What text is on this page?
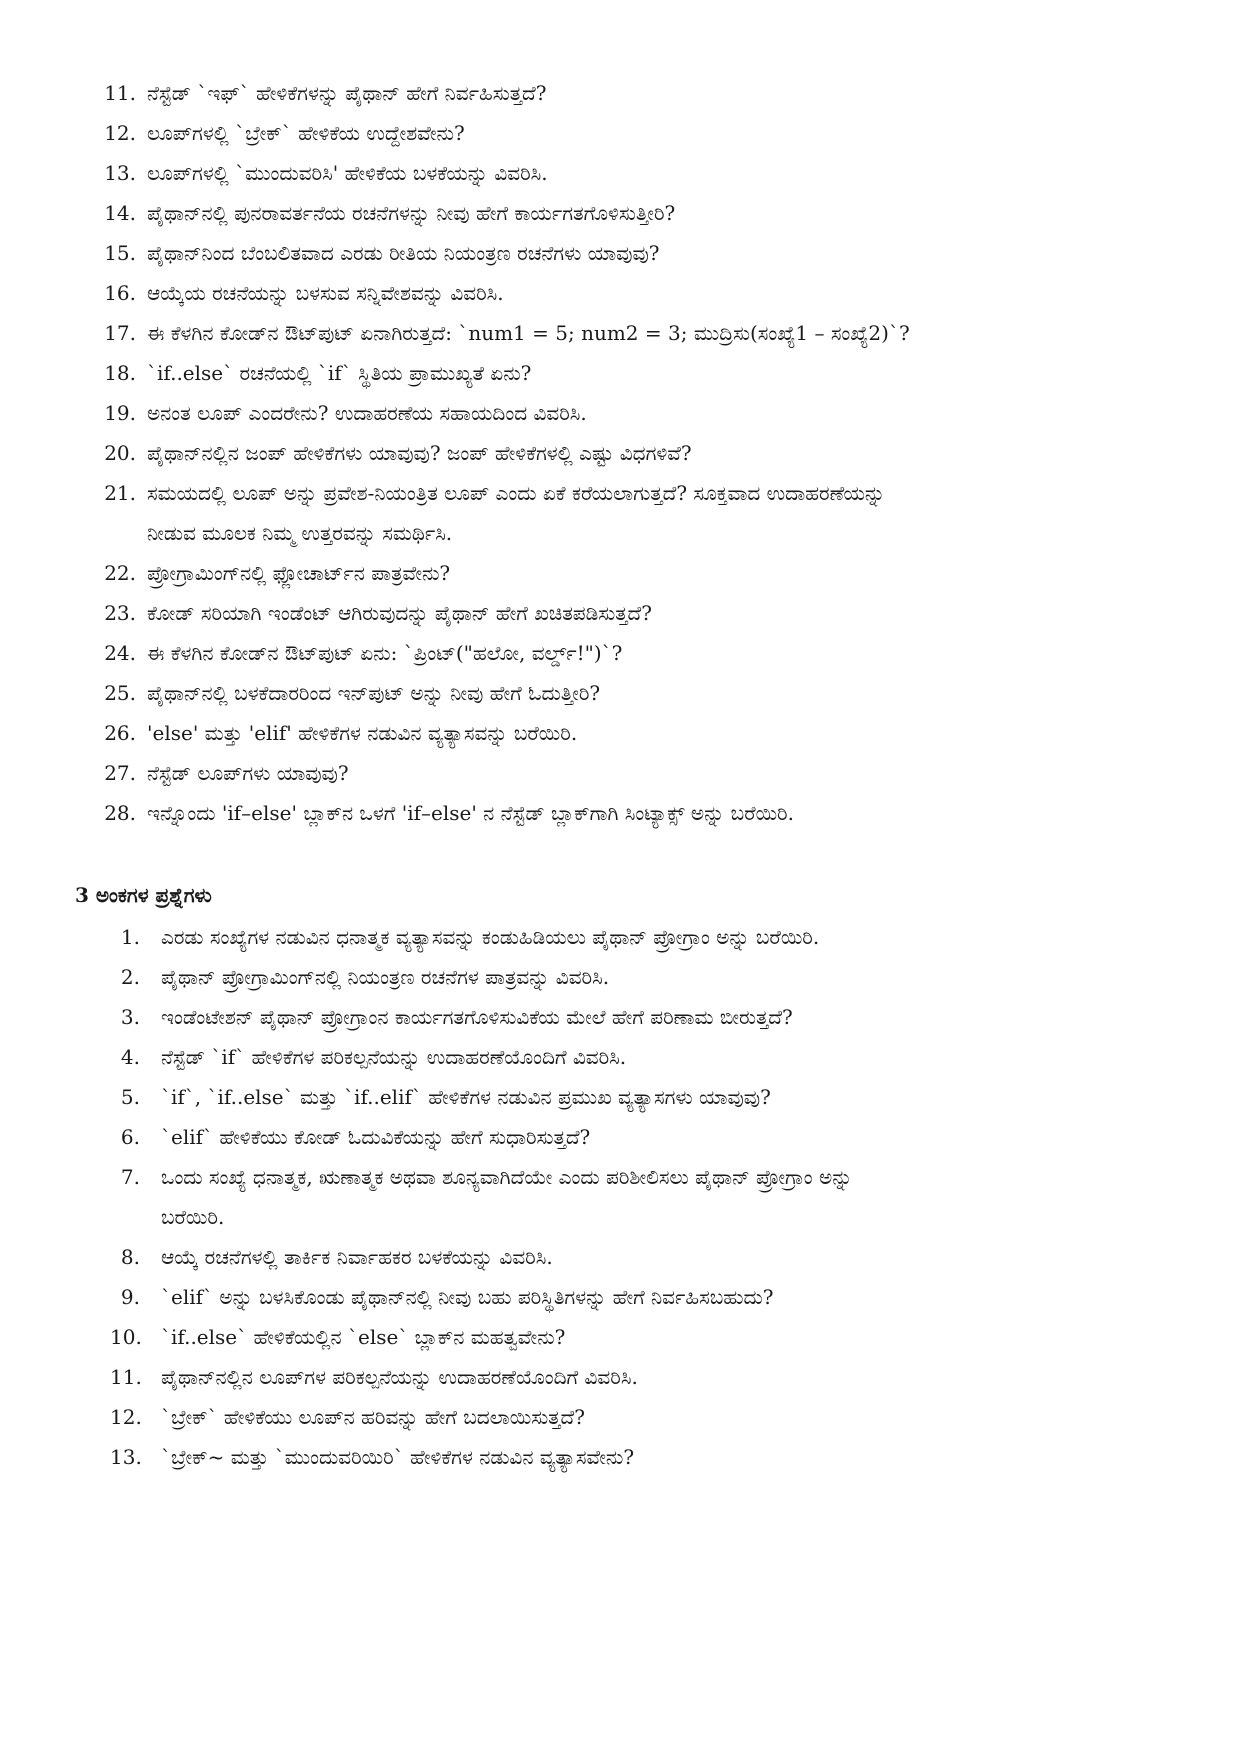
11. ನೆಸ್ಟೆಡ್ `ಇಫ್` ಹೇಳಿಕೆಗಳನ್ನು ಪೈಥಾನ್ ಹೇಗೆ ನಿರ್ವಹಿಸುತ್ತದೆ?
12. ಲೂಪ್‌ಗಳಲ್ಲಿ `ಬ್ರೇಕ್` ಹೇಳಿಕೆಯ ಉದ್ದೇಶವೇನು?
13. ಲೂಪ್‌ಗಳಲ್ಲಿ `ಮುಂದುವರಿಸಿ' ಹೇಳಿಕೆಯ ಬಳಕೆಯನ್ನು ವಿವರಿಸಿ.
14. ಪೈಥಾನ್‌ನಲ್ಲಿ ಪುನರಾವರ್ತನೆಯ ರಚನೆಗಳನ್ನು ನೀವು ಹೇಗೆ ಕಾರ್ಯಗತಗೊಳಿಸುತ್ತೀರಿ?
15. ಪೈಥಾನ್‌ನಿಂದ ಬೆಂಬಲಿತವಾದ ಎರಡು ರೀತಿಯ ನಿಯಂತ್ರಣ ರಚನೆಗಳು ಯಾವುವು?
16. ಆಯ್ಕೆಯ ರಚನೆಯನ್ನು ಬಳಸುವ ಸನ್ನಿವೇಶವನ್ನು ವಿವರಿಸಿ.
17. ಈ ಕೆಳಗಿನ ಕೋಡ್‌ನ ಔಟ್‌ಪುಟ್ ಏನಾಗಿರುತ್ತದೆ: `num1 = 5; num2 = 3; ಮುದ್ರಿಸು(ಸಂಖ್ಯೆ1 – ಸಂಖ್ಯೆ2)`?
18. `if..else` ರಚನೆಯಲ್ಲಿ `if` ಸ್ಥಿತಿಯ ಪ್ರಾಮುಖ್ಯತೆ ಏನು?
19. ಅನಂತ ಲೂಪ್ ಎಂದರೇನು? ಉದಾಹರಣೆಯ ಸಹಾಯದಿಂದ ವಿವರಿಸಿ.
20. ಪೈಥಾನ್‌ನಲ್ಲಿನ ಜಂಪ್ ಹೇಳಿಕೆಗಳು ಯಾವುವು? ಜಂಪ್ ಹೇಳಿಕೆಗಳಲ್ಲಿ ಎಷ್ಟು ವಿಧಗಳಿವೆ?
21. ಸಮಯದಲ್ಲಿ ಲೂಪ್ ಅನ್ನು ಪ್ರವೇಶ-ನಿಯಂತ್ರಿತ ಲೂಪ್ ಎಂದು ಏಕೆ ಕರೆಯಲಾಗುತ್ತದೆ? ಸೂಕ್ತವಾದ ಉದಾಹರಣೆಯನ್ನು
ನೀಡುವ ಮೂಲಕ ನಿಮ್ಮ ಉತ್ತರವನ್ನು ಸಮರ್ಥಿಸಿ.
22. ಪ್ರೋಗ್ರಾಮಿಂಗ್‌ನಲ್ಲಿ ಫ್ಲೋಚಾರ್ಟ್‌ನ ಪಾತ್ರವೇನು?
23. ಕೋಡ್ ಸರಿಯಾಗಿ ಇಂಡೆಂಟ್ ಆಗಿರುವುದನ್ನು ಪೈಥಾನ್ ಹೇಗೆ ಖಚಿತಪಡಿಸುತ್ತದೆ?
24. ಈ ಕೆಳಗಿನ ಕೋಡ್‌ನ ಔಟ್‌ಪುಟ್ ಏನು: `ಪ್ರಿಂಟ್("ಹಲೋ, ವರ್ಲ್ಡ್!")`?
25. ಪೈಥಾನ್‌ನಲ್ಲಿ ಬಳಕೆದಾರರಿಂದ ಇನ್‌ಪುಟ್ ಅನ್ನು ನೀವು ಹೇಗೆ ಓದುತ್ತೀರಿ?
26. 'else' ಮತ್ತು 'elif' ಹೇಳಿಕೆಗಳ ನಡುವಿನ ವ್ಯತ್ಯಾಸವನ್ನು ಬರೆಯಿರಿ.
27. ನೆಸ್ಟೆಡ್ ಲೂಪ್‌ಗಳು ಯಾವುವು?
28. ಇನ್ನೊಂದು 'if–else' ಬ್ಲಾಕ್‌ನ ಒಳಗೆ 'if–else' ನ ನೆಸ್ಟೆಡ್ ಬ್ಲಾಕ್‌ಗಾಗಿ ಸಿಂಟ್ಯಾಕ್ಸ್ ಅನ್ನು ಬರೆಯಿರಿ.
3 ಅಂಕಗಳ ಪ್ರಶ್ನೆಗಳು
1. ಎರಡು ಸಂಖ್ಯೆಗಳ ನಡುವಿನ ಧನಾತ್ಮಕ ವ್ಯತ್ಯಾಸವನ್ನು ಕಂಡುಹಿಡಿಯಲು ಪೈಥಾನ್ ಪ್ರೋಗ್ರಾಂ ಅನ್ನು ಬರೆಯಿರಿ.
2. ಪೈಥಾನ್ ಪ್ರೋಗ್ರಾಮಿಂಗ್‌ನಲ್ಲಿ ನಿಯಂತ್ರಣ ರಚನೆಗಳ ಪಾತ್ರವನ್ನು ವಿವರಿಸಿ.
3. ಇಂಡೆಂಟೇಶನ್ ಪೈಥಾನ್ ಪ್ರೋಗ್ರಾಂನ ಕಾರ್ಯಗತಗೊಳಿಸುವಿಕೆಯ ಮೇಲೆ ಹೇಗೆ ಪರಿಣಾಮ ಬೀರುತ್ತದೆ?
4. ನೆಸ್ಟೆಡ್ `if` ಹೇಳಿಕೆಗಳ ಪರಿಕಲ್ಪನೆಯನ್ನು ಉದಾಹರಣೆಯೊಂದಿಗೆ ವಿವರಿಸಿ.
5. `if`, `if..else` ಮತ್ತು `if..elif` ಹೇಳಿಕೆಗಳ ನಡುವಿನ ಪ್ರಮುಖ ವ್ಯತ್ಯಾಸಗಳು ಯಾವುವು?
6. `elif` ಹೇಳಿಕೆಯು ಕೋಡ್ ಓದುವಿಕೆಯನ್ನು ಹೇಗೆ ಸುಧಾರಿಸುತ್ತದೆ?
7. ಒಂದು ಸಂಖ್ಯೆ ಧನಾತ್ಮಕ, ಋಣಾತ್ಮಕ ಅಥವಾ ಶೂನ್ಯವಾಗಿದೆಯೇ ಎಂದು ಪರಿಶೀಲಿಸಲು ಪೈಥಾನ್ ಪ್ರೋಗ್ರಾಂ ಅನ್ನು
ಬರೆಯಿರಿ.
8. ಆಯ್ಕೆ ರಚನೆಗಳಲ್ಲಿ ತಾರ್ಕಿಕ ನಿರ್ವಾಹಕರ ಬಳಕೆಯನ್ನು ವಿವರಿಸಿ.
9. `elif` ಅನ್ನು ಬಳಸಿಕೊಂಡು ಪೈಥಾನ್‌ನಲ್ಲಿ ನೀವು ಬಹು ಪರಿಸ್ಥಿತಿಗಳನ್ನು ಹೇಗೆ ನಿರ್ವಹಿಸಬಹುದು?
10. `if..else` ಹೇಳಿಕೆಯಲ್ಲಿನ `else` ಬ್ಲಾಕ್‌ನ ಮಹತ್ವವೇನು?
11. ಪೈಥಾನ್‌ನಲ್ಲಿನ ಲೂಪ್‌ಗಳ ಪರಿಕಲ್ಪನೆಯನ್ನು ಉದಾಹರಣೆಯೊಂದಿಗೆ ವಿವರಿಸಿ.
12. `ಬ್ರೇಕ್` ಹೇಳಿಕೆಯು ಲೂಪ್‌ನ ಹರಿವನ್ನು ಹೇಗೆ ಬದಲಾಯಿಸುತ್ತದೆ?
13. `ಬ್ರೇಕ್~ ಮತ್ತು `ಮುಂದುವರಿಯಿರಿ` ಹೇಳಿಕೆಗಳ ನಡುವಿನ ವ್ಯತ್ಯಾಸವೇನು?
